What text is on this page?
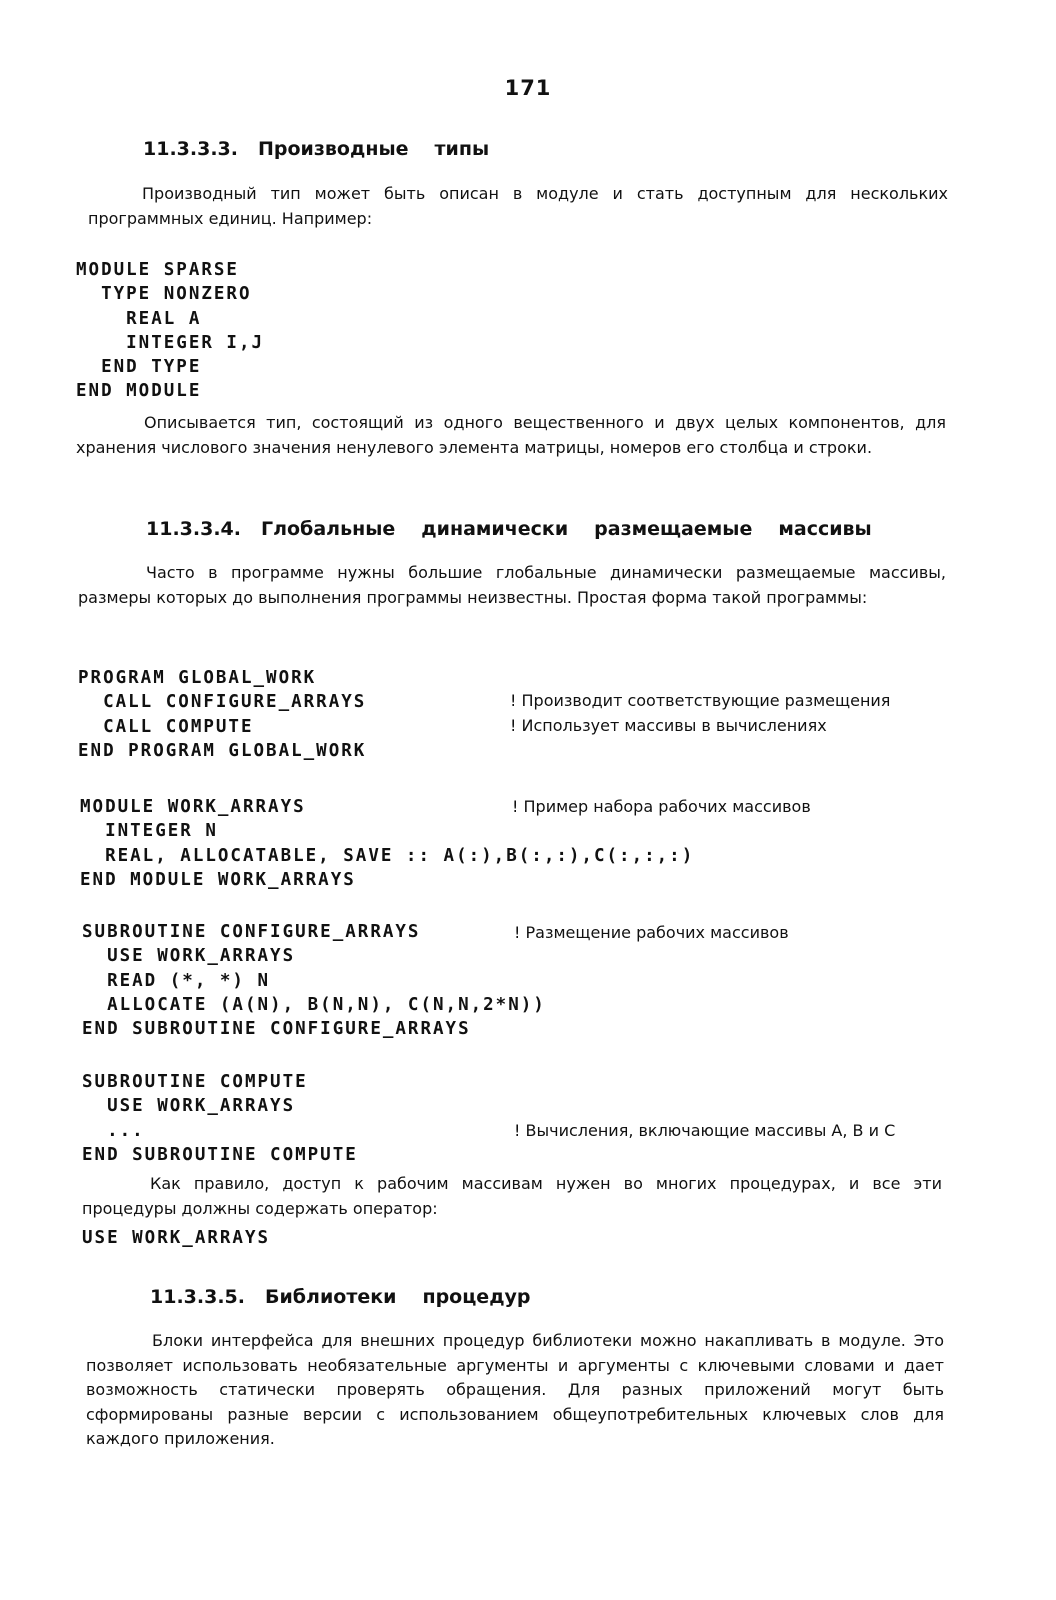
171
11.3.3.3. Производные типы
Производный тип может быть описан в модуле и стать доступным для нескольких программных единиц. Например:
MODULE SPARSE
TYPE NONZERO
REAL A
INTEGER I,J
END TYPE
END MODULE
Описывается тип, состоящий из одного вещественного и двух целых компонентов, для хранения числового значения ненулевого элемента матрицы, номеров его столбца и строки.
11.3.3.4. Глобальные динамически размещаемые массивы
Часто в программе нужны большие глобальные динамически размещаемые массивы, размеры которых до выполнения программы неизвестны. Простая форма такой программы:
PROGRAM GLOBAL_WORK
CALL CONFIGURE_ARRAYS
CALL COMPUTE
END PROGRAM GLOBAL_WORK
! Производит соответствующие размещения
! Использует массивы в вычислениях
MODULE WORK_ARRAYS
INTEGER N
REAL, ALLOCATABLE, SAVE :: A(:),B(:,:),C(:,:,:)
END MODULE WORK_ARRAYS
! Пример набора рабочих массивов
SUBROUTINE CONFIGURE_ARRAYS
USE WORK_ARRAYS
READ (*, *) N
ALLOCATE (A(N), B(N,N), C(N,N,2*N))
END SUBROUTINE CONFIGURE_ARRAYS
! Размещение рабочих массивов
SUBROUTINE COMPUTE
USE WORK_ARRAYS
...
END SUBROUTINE COMPUTE
! Вычисления, включающие массивы А, В и С
Как правило, доступ к рабочим массивам нужен во многих процедурах, и все эти процедуры должны содержать оператор:
USE WORK_ARRAYS
11.3.3.5. Библиотеки процедур
Блоки интерфейса для внешних процедур библиотеки можно накапливать в модуле. Это позволяет использовать необязательные аргументы и аргументы с ключевыми словами и дает возможность статически проверять обращения. Для разных приложений могут быть сформированы разные версии с использованием общеупотребительных ключевых слов для каждого приложения.
